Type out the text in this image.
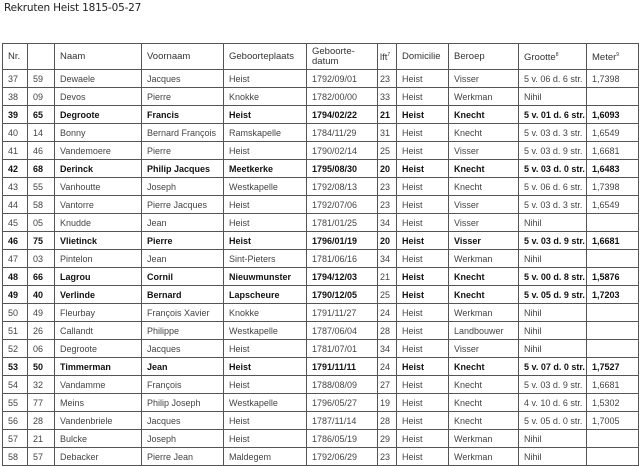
Rekruten Heist 1815-05-27
Nr.		Naam	Voornaam	Geboorteplaats	Geboorte-
datum	lft$^7$	Domicilie	Beroep	Grootte$^8$	Meter$^9$
37	59	Dewaele	Jacques	Heist	1792/09/01	23	Heist	Visser	5 v. 06 d. 6 str.	1,7398
38	09	Devos	Pierre	Knokke	1782/00/00	33	Heist	Werkman	Nihil	
39	65	Degroote	Francis	Heist	1794/02/22	21	Heist	Knecht	5 v. 01 d. 6 str.	1,6093
40	14	Bonny	Bernard François	Ramskapelle	1784/11/29	31	Heist	Knecht	5 v. 03 d. 3 str.	1,6549
41	46	Vandemoere	Pierre	Heist	1790/02/14	25	Heist	Visser	5 v. 03 d. 9 str.	1,6681
42	68	Derinck	Philip Jacques	Meetkerke	1795/08/30	20	Heist	Knecht	5 v. 03 d. 0 str.	1,6483
43	55	Vanhoutte	Joseph	Westkapelle	1792/08/13	23	Heist	Knecht	5 v. 06 d. 6 str.	1,7398
44	58	Vantorre	Pierre Jacques	Heist	1792/07/06	23	Heist	Visser	5 v. 03 d. 3 str.	1,6549
45	05	Knudde	Jean	Heist	1781/01/25	34	Heist	Visser	Nihil	
46	75	Vlietinck	Pierre	Heist	1796/01/19	20	Heist	Visser	5 v. 03 d. 9 str.	1,6681
47	03	Pintelon	Jean	Sint-Pieters	1781/06/16	34	Heist	Werkman	Nihil	
48	66	Lagrou	Cornil	Nieuwmunster	1794/12/03	21	Heist	Knecht	5 v. 00 d. 8 str.	1,5876
49	40	Verlinde	Bernard	Lapscheure	1790/12/05	25	Heist	Knecht	5 v. 05 d. 9 str.	1,7203
50	49	Fleurbay	François Xavier	Knokke	1791/11/27	24	Heist	Werkman	Nihil	
51	26	Callandt	Philippe	Westkapelle	1787/06/04	28	Heist	Landbouwer	Nihil	
52	06	Degroote	Jacques	Heist	1781/07/01	34	Heist	Visser	Nihil	
53	50	Timmerman	Jean	Heist	1791/11/11	24	Heist	Knecht	5 v. 07 d. 0 str.	1,7527
54	32	Vandamme	François	Heist	1788/08/09	27	Heist	Knecht	5 v. 03 d. 9 str.	1,6681
55	77	Meins	Philip Joseph	Westkapelle	1796/05/27	19	Heist	Knecht	4 v. 10 d. 6 str.	1,5302
56	28	Vandenbriele	Jacques	Heist	1787/11/14	28	Heist	Knecht	5 v. 05 d. 0 str.	1,7005
57	21	Bulcke	Joseph	Heist	1786/05/19	29	Heist	Werkman	Nihil	
58	57	Debacker	Pierre Jean	Maldegem	1792/06/29	23	Heist	Werkman	Nihil	
